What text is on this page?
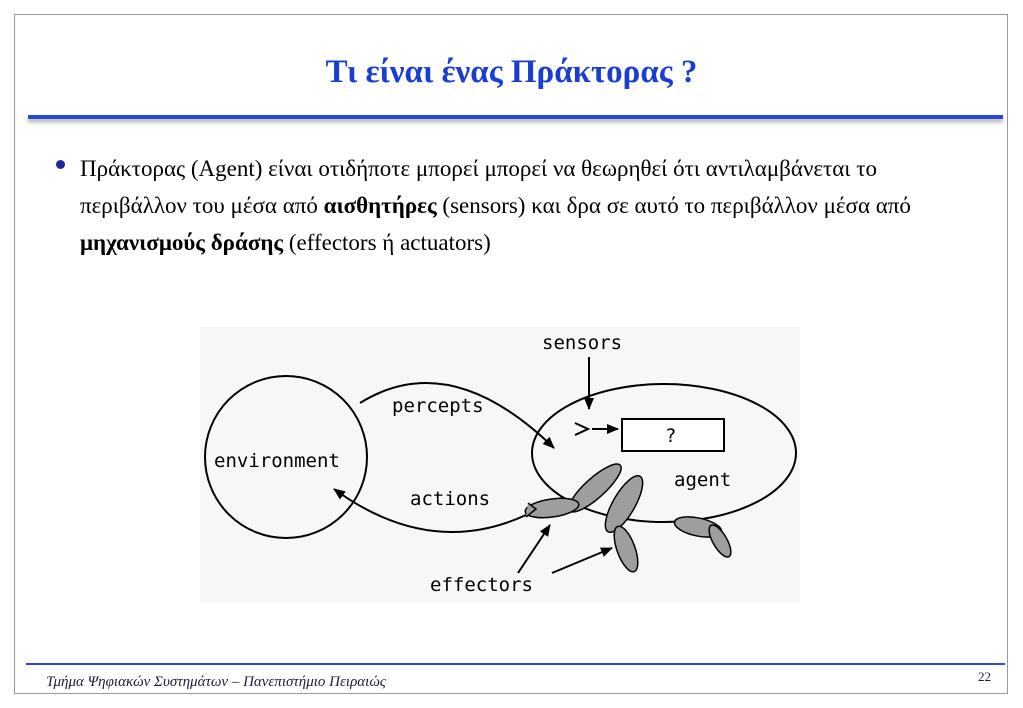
Τι είναι ένας Πράκτορας ?
Πράκτορας (Agent) είναι οτιδήποτε μπορεί μπορεί να θεωρηθεί ότι αντιλαμβάνεται το περιβάλλον του μέσα από αισθητήρες (sensors) και δρα σε αυτό το περιβάλλον μέσα από μηχανισμούς δράσης (effectors ή actuators)
environment
agent
percepts
actions
sensors
?
effectors
Τμήμα Ψηφιακών Συστημάτων – Πανεπιστήμιο Πειραιώς	22
